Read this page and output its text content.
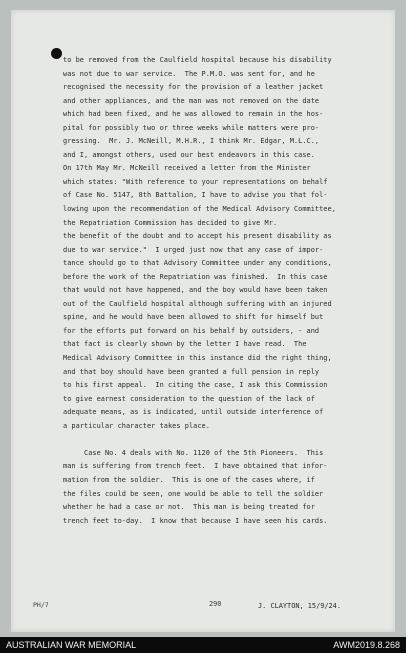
to be removed from the Caulfield hospital because his disability
was not due to war service.  The P.M.O. was sent for, and he
recognised the necessity for the provision of a leather jacket
and other appliances, and the man was not removed on the date
which had been fixed, and he was allowed to remain in the hos-
pital for possibly two or three weeks while matters were pro-
gressing.  Mr. J. McNeill, M.H.R., I think Mr. Edgar, M.L.C.,
and I, amongst others, used our best endeavors in this case.
On 17th May Mr. McNeill received a letter from the Minister
which states: "With reference to your representations on behalf
of Case No. 5147, 8th Battalion, I have to advise you that fol-
lowing upon the recommendation of the Medical Advisory Committee,
the Repatriation Commission has decided to give Mr.
the benefit of the doubt and to accept his present disability as
due to war service."  I urged just now that any case of impor-
tance should go to that Advisory Committee under any conditions,
before the work of the Repatriation was finished.  In this case
that would not have happened, and the boy would have been taken
out of the Caulfield hospital although suffering with an injured
spine, and he would have been allowed to shift for himself but
for the efforts put forward on his behalf by outsiders, - and
that fact is clearly shown by the letter I have read.  The
Medical Advisory Committee in this instance did the right thing,
and that boy should have been granted a full pension in reply
to his first appeal.  In citing the case, I ask this Commission
to give earnest consideration to the question of the lack of
adequate means, as is indicated, until outside interference of
a particular character takes place.
Case No. 4 deals with No. 1120 of the 5th Pioneers.  This
man is suffering from trench feet.  I have obtained that infor-
mation from the soldier.  This is one of the cases where, if
the files could be seen, one would be able to tell the soldier
whether he had a case or not.  This man is being treated for
trench feet to-day.  I know that because I have seen his cards.
PH/7	290	J. CLAYTON, 15/9/24.
AUSTRALIAN WAR MEMORIAL	AWM2019.8.268
